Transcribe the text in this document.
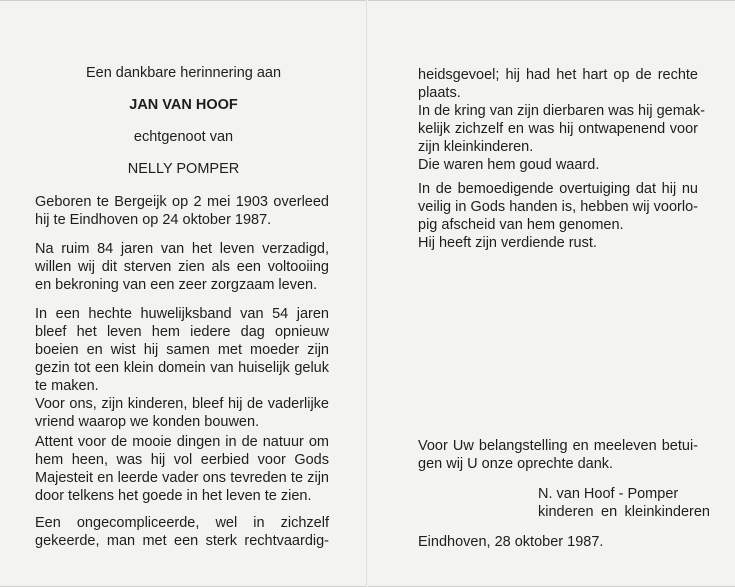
Een dankbare herinnering aan

JAN VAN HOOF

echtgenoot van

NELLY POMPER

Geboren te Bergeijk op 2 mei 1903 overleed
hij te Eindhoven op 24 oktober 1987.
Na ruim 84 jaren van het leven verzadigd,
willen wij dit sterven zien als een voltooiing
en bekroning van een zeer zorgzaam leven.
In een hechte huwelijksband van 54 jaren
bleef het leven hem iedere dag opnieuw
boeien en wist hij samen met moeder zijn
gezin tot een klein domein van huiselijk geluk
te maken.
Voor ons, zijn kinderen, bleef hij de vaderlijke
vriend waarop we konden bouwen.
Attent voor de mooie dingen in de natuur om
hem heen, was hij vol eerbied voor Gods
Majesteit en leerde vader ons tevreden te zijn
door telkens het goede in het leven te zien.
Een ongecompliceerde, wel in zichzelf
gekeerde, man met een sterk rechtvaardig-
heidsgevoel; hij had het hart op de rechte
plaats.
In de kring van zijn dierbaren was hij gemak-
kelijk zichzelf en was hij ontwapenend voor
zijn kleinkinderen.
Die waren hem goud waard.
In de bemoedigende overtuiging dat hij nu
veilig in Gods handen is, hebben wij voorlo-
pig afscheid van hem genomen.
Hij heeft zijn verdiende rust.
Voor Uw belangstelling en meeleven betui-
gen wij U onze oprechte dank.
N. van Hoof - Pomper
kinderen en kleinkinderen

Eindhoven, 28 oktober 1987.
